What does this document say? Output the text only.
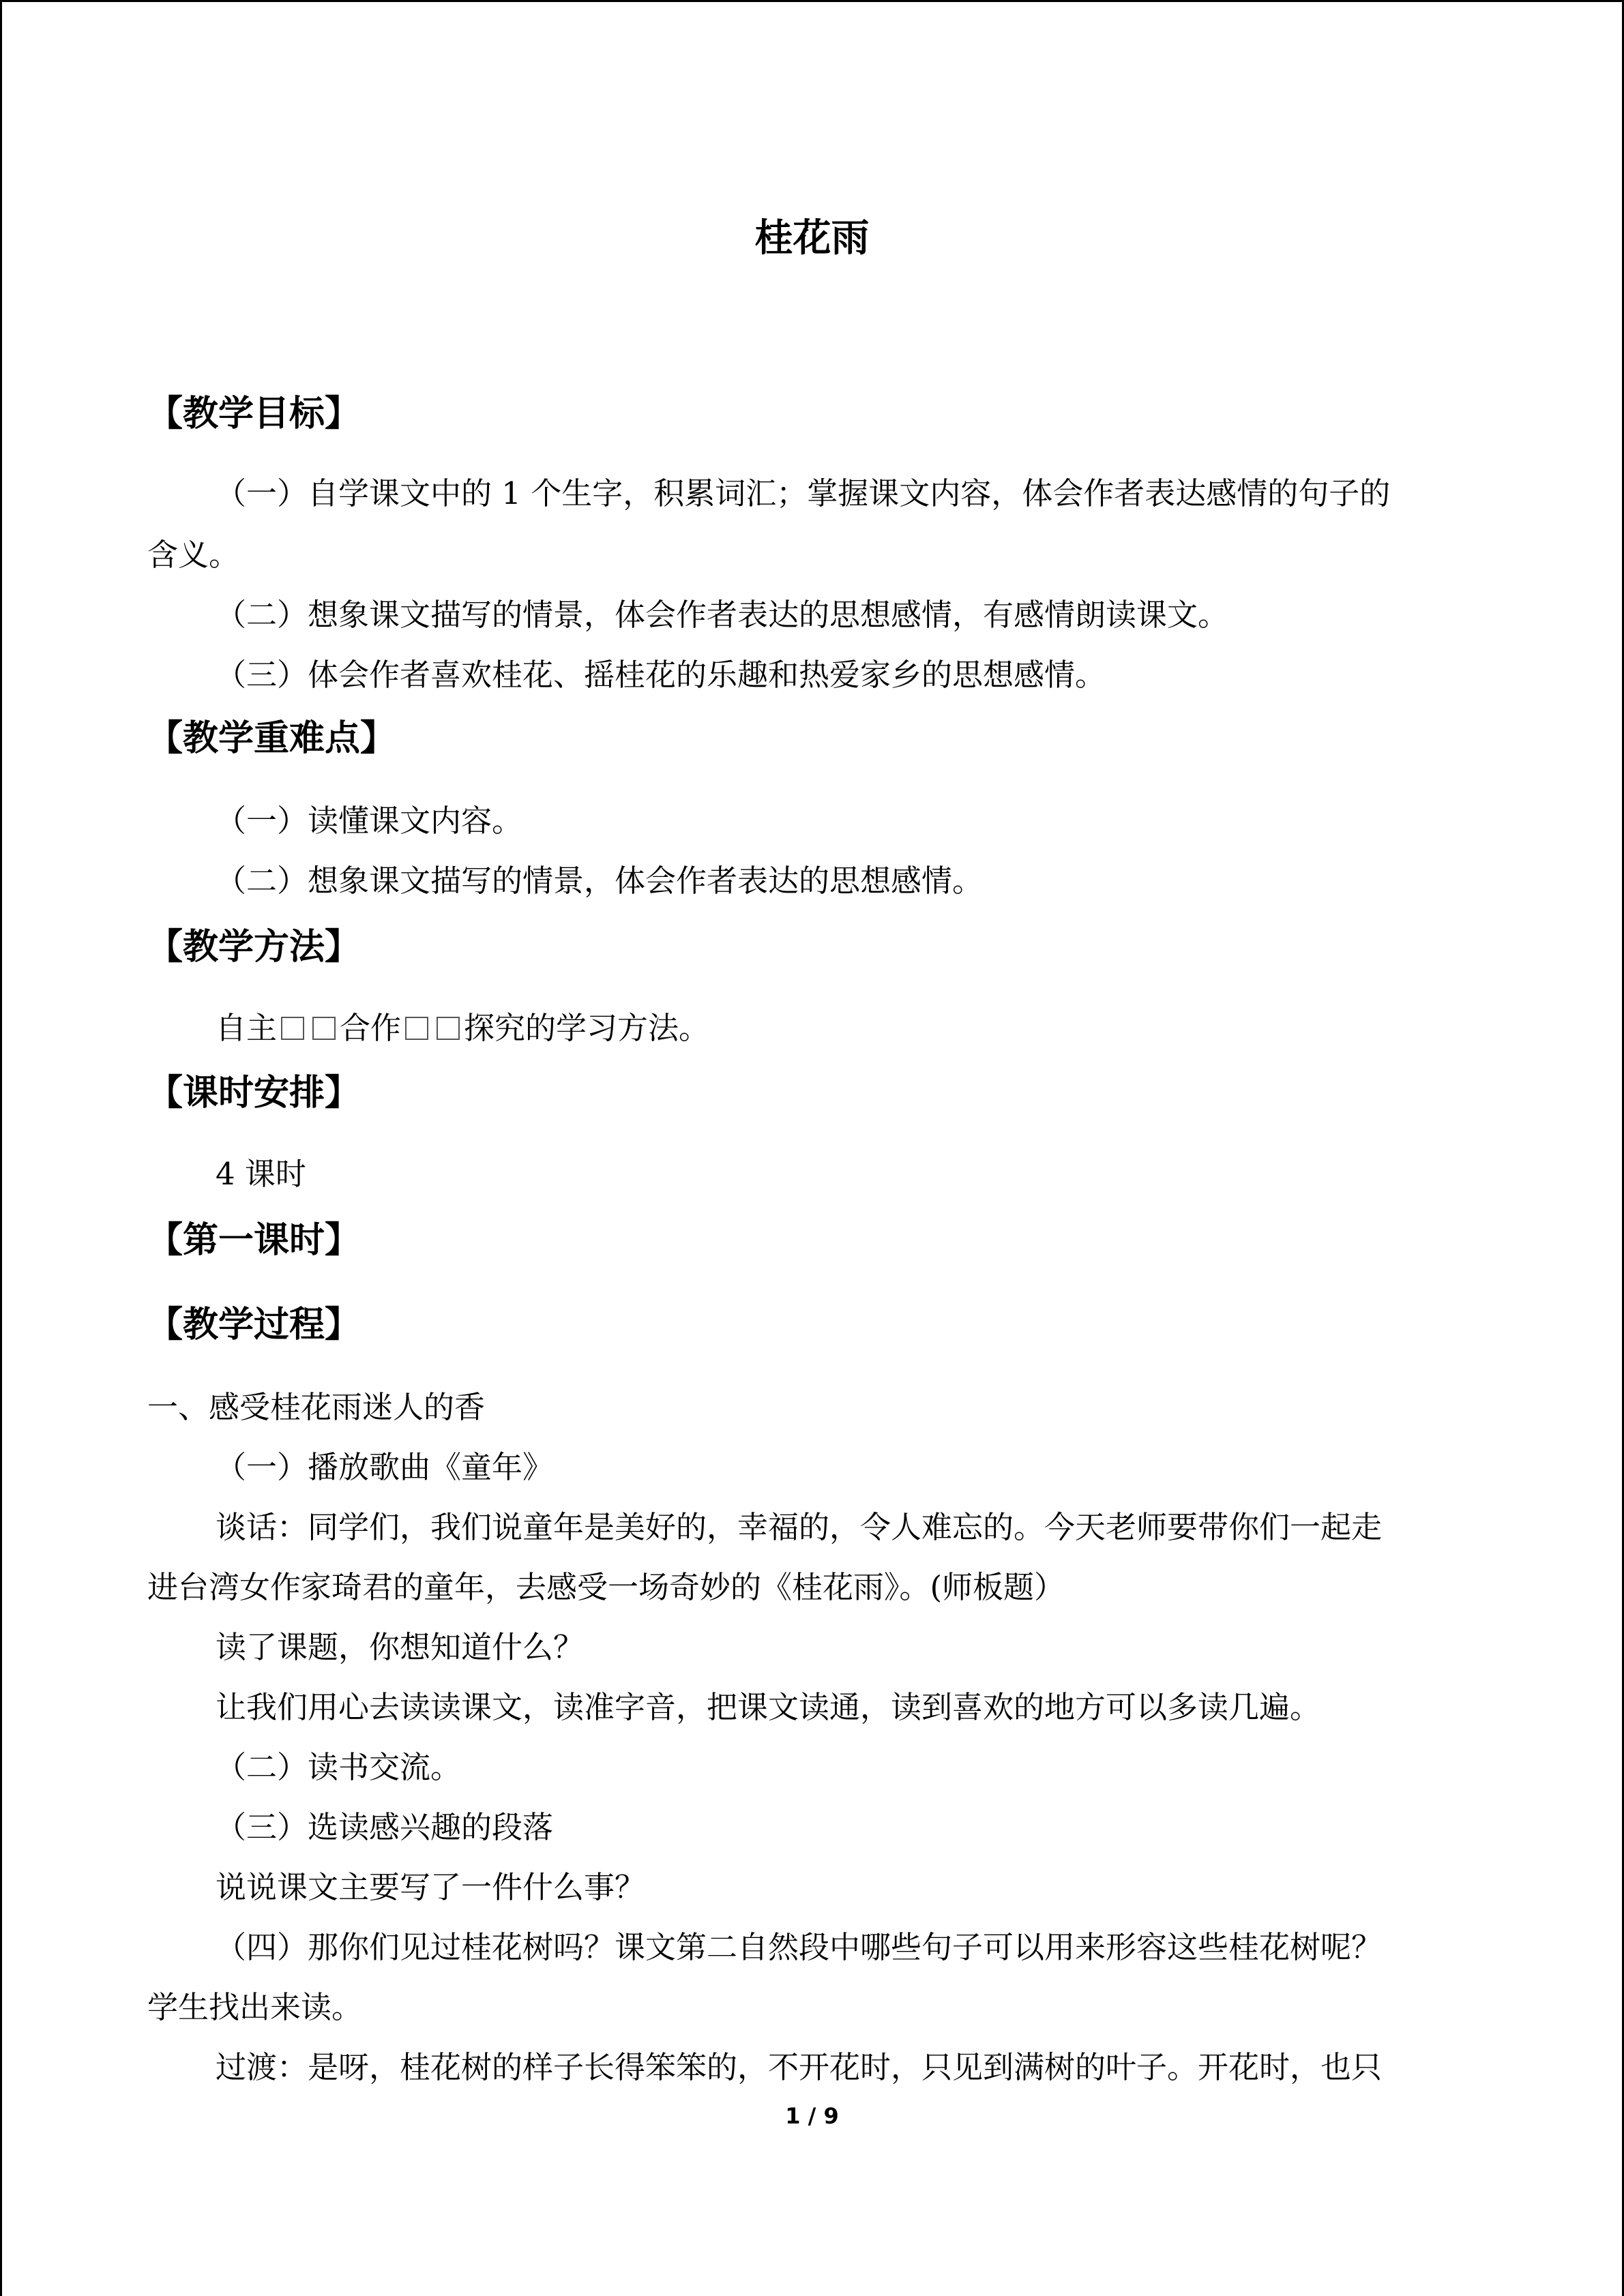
桂花雨
【教学目标】
（一）自学课文中的 1 个生字，积累词汇；掌握课文内容，体会作者表达感情的句子的
含义。
（二）想象课文描写的情景，体会作者表达的思想感情，有感情朗读课文。
（三）体会作者喜欢桂花、摇桂花的乐趣和热爱家乡的思想感情。
【教学重难点】
（一）读懂课文内容。
（二）想象课文描写的情景，体会作者表达的思想感情。
【教学方法】
自主 合作 探究的学习方法。
【课时安排】
4 课时
【第一课时】
【教学过程】
一、感受桂花雨迷人的香
（一）播放歌曲《童年》
谈话：同学们，我们说童年是美好的，幸福的，令人难忘的。今天老师要带你们一起走
进台湾女作家琦君的童年，去感受一场奇妙的《桂花雨》。(师板题）
读了课题，你想知道什么？
让我们用心去读读课文，读准字音，把课文读通，读到喜欢的地方可以多读几遍。
（二）读书交流。
（三）选读感兴趣的段落
说说课文主要写了一件什么事？
（四）那你们见过桂花树吗？课文第二自然段中哪些句子可以用来形容这些桂花树呢？
学生找出来读。
过渡：是呀，桂花树的样子长得笨笨的，不开花时，只见到满树的叶子。开花时，也只
1 / 9
